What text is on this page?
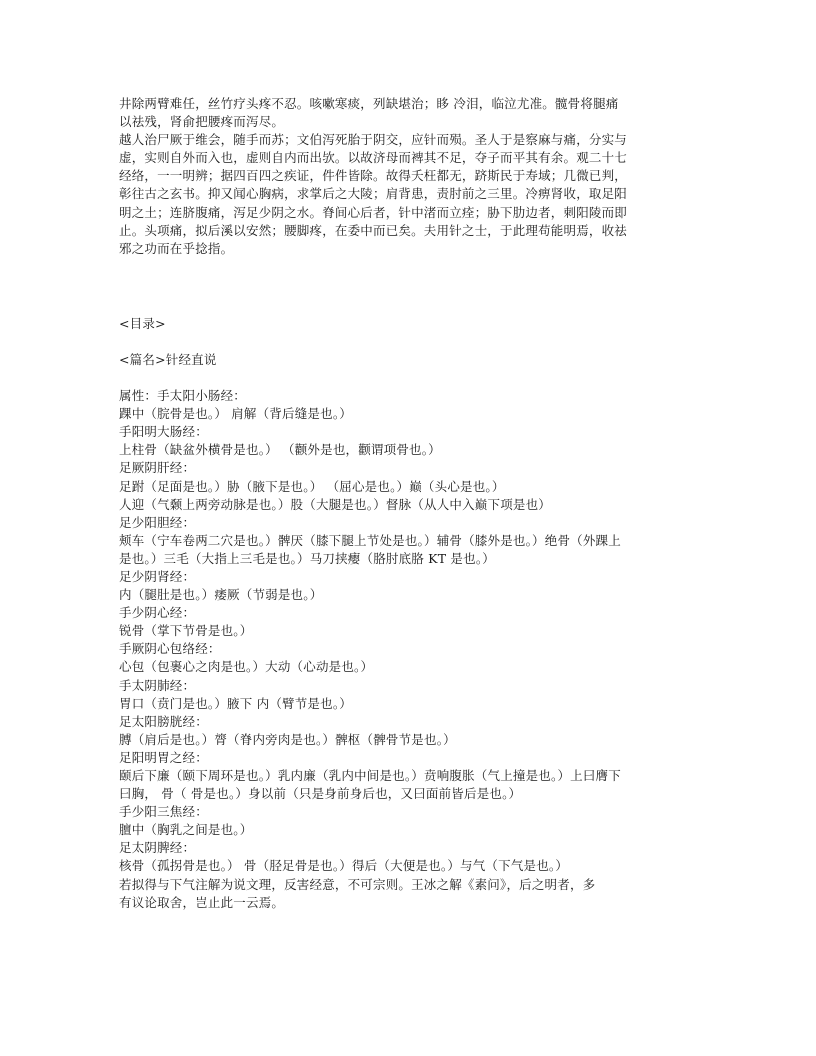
井除两臂难任，丝竹疗头疼不忍。咳嗽寒痰，列缺堪治；眵 冷泪，临泣尤准。髋骨将腿痛
以祛残，肾俞把腰疼而泻尽。
越人治尸厥于维会，随手而苏；文伯泻死胎于阴交，应针而殒。圣人于是察麻与痛，分实与
虚，实则自外而入也，虚则自内而出欤。以故济母而裨其不足，夺子而平其有余。观二十七
经络，一一明辨；据四百四之疾证，件件皆除。故得夭枉都无，跻斯民于寿域；几微已判，
彰往古之玄书。抑又闻心胸病，求掌后之大陵；肩背患，责肘前之三里。冷痹肾收，取足阳
明之土；连脐腹痛，泻足少阴之水。脊间心后者，针中渚而立痊；胁下肋边者，刺阳陵而即
止。头项痛，拟后溪以安然；腰脚疼，在委中而已矣。夫用针之士，于此理苟能明焉，收祛
邪之功而在乎捻指。
<目录>
<篇名>针经直说
属性：手太阳小肠经：
踝中（脘骨是也。） 肩解（背后缝是也。）
手阳明大肠经：
上柱骨（缺盆外横骨是也。） （颧外是也，颧谓项骨也。）
足厥阴肝经：
足跗（足面是也。）胁（腋下是也。） （屈心是也。）巅（头心是也。）
人迎（气颡上两旁动脉是也。）股（大腿是也。）督脉（从人中入巅下项是也）
足少阳胆经：
颊车（宁车卷两二穴是也。）髀厌（膝下腿上节处是也。）辅骨（膝外是也。）绝骨（外踝上
是也。）三毛（大指上三毛是也。）马刀挟瘿（胳肘底胳 KT 是也。）
足少阴肾经：
内（腿肚是也。）痿厥（节弱是也。）
手少阴心经：
锐骨（掌下节骨是也。）
手厥阴心包络经：
心包（包裹心之肉是也。）大动（心动是也。）
手太阴肺经：
胃口（贲门是也。）腋下 内（臂节是也。）
足太阳膀胱经：
膊（肩后是也。）膂（脊内旁肉是也。）髀枢（髀骨节是也。）
足阳明胃之经：
颐后下廉（颐下周环是也。）乳内廉（乳内中间是也。）贲响腹胀（气上撞是也。）上曰膺下
曰胸， 骨（ 骨是也。）身以前（只是身前身后也，又曰面前皆后是也。）
手少阳三焦经：
膻中（胸乳之间是也。）
足太阴脾经：
核骨（孤拐骨是也。） 骨（胫足骨是也。）得后（大便是也。）与气（下气是也。）
若拟得与下气注解为说文理，反害经意，不可宗则。王冰之解《素问》，后之明者，多
有议论取舍，岂止此一云焉。
